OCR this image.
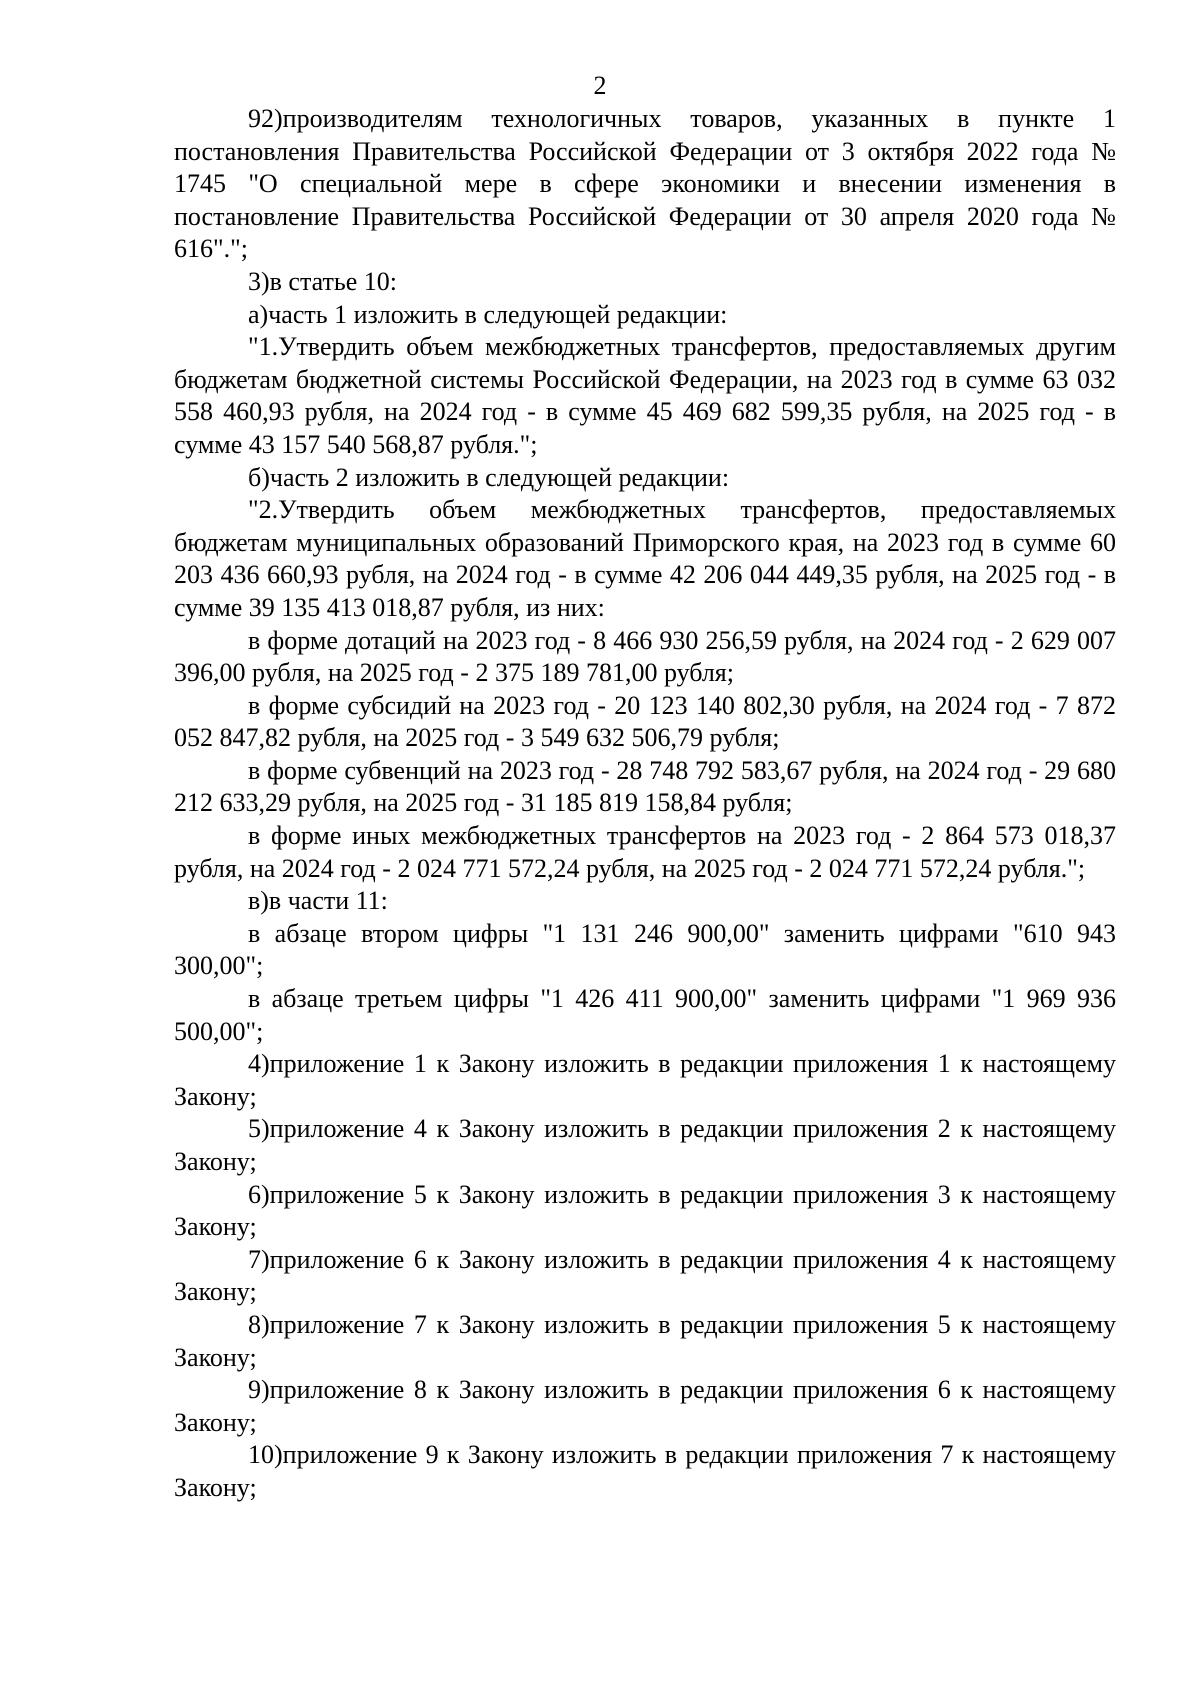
2

92)производителям технологичных товаров, указанных в пункте 1 постановления Правительства Российской Федерации от 3 октября 2022 года № 1745 "О специальной мере в сфере экономики и внесении изменения в постановление Правительства Российской Федерации от 30 апреля 2020 года № 616".";

3)в статье 10:

а)часть 1 изложить в следующей редакции:

"1.Утвердить объем межбюджетных трансфертов, предоставляемых другим бюджетам бюджетной системы Российской Федерации, на 2023 год в сумме 63 032 558 460,93 рубля, на 2024 год - в сумме 45 469 682 599,35 рубля, на 2025 год - в сумме 43 157 540 568,87 рубля.";

б)часть 2 изложить в следующей редакции:

"2.Утвердить объем межбюджетных трансфертов, предоставляемых бюджетам муниципальных образований Приморского края, на 2023 год в сумме 60 203 436 660,93 рубля, на 2024 год - в сумме 42 206 044 449,35 рубля, на 2025 год - в сумме 39 135 413 018,87 рубля, из них:

в форме дотаций на 2023 год - 8 466 930 256,59 рубля, на 2024 год - 2 629 007 396,00 рубля, на 2025 год - 2 375 189 781,00 рубля;

в форме субсидий на 2023 год - 20 123 140 802,30 рубля, на 2024 год - 7 872 052 847,82 рубля, на 2025 год - 3 549 632 506,79 рубля;

в форме субвенций на 2023 год - 28 748 792 583,67 рубля, на 2024 год - 29 680 212 633,29 рубля, на 2025 год - 31 185 819 158,84 рубля;

в форме иных межбюджетных трансфертов на 2023 год - 2 864 573 018,37 рубля, на 2024 год - 2 024 771 572,24 рубля, на 2025 год - 2 024 771 572,24 рубля.";

в)в части 11:

в абзаце втором цифры "1 131 246 900,00" заменить цифрами "610 943 300,00";

в абзаце третьем цифры "1 426 411 900,00" заменить цифрами "1 969 936 500,00";

4)приложение 1 к Закону изложить в редакции приложения 1 к настоящему Закону;

5)приложение 4 к Закону изложить в редакции приложения 2 к настоящему Закону;

6)приложение 5 к Закону изложить в редакции приложения 3 к настоящему Закону;

7)приложение 6 к Закону изложить в редакции приложения 4 к настоящему Закону;

8)приложение 7 к Закону изложить в редакции приложения 5 к настоящему Закону;

9)приложение 8 к Закону изложить в редакции приложения 6 к настоящему Закону;

10)приложение 9 к Закону изложить в редакции приложения 7 к настоящему Закону;
